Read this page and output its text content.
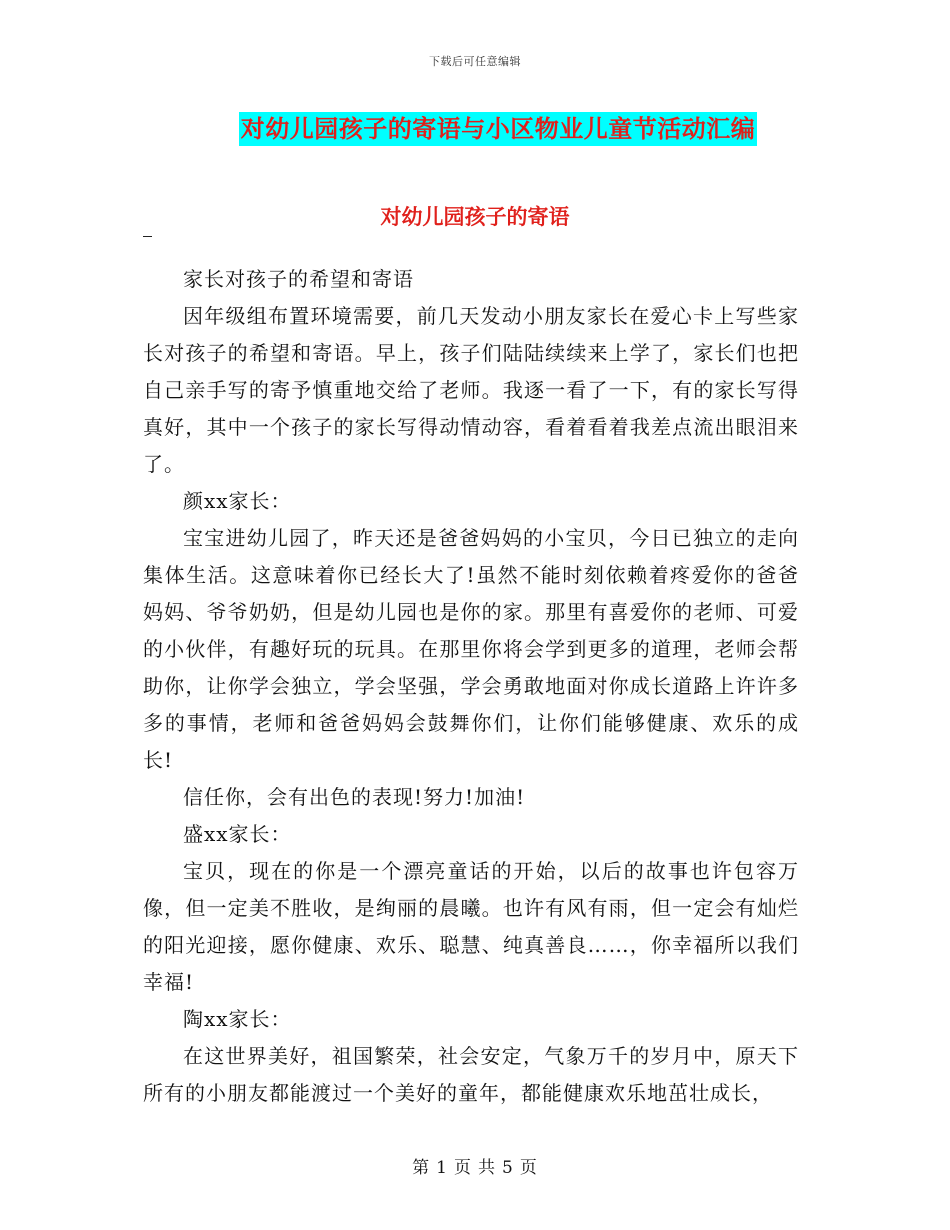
下载后可任意编辑
对幼儿园孩子的寄语与小区物业儿童节活动汇编
对幼儿园孩子的寄语

家长对孩子的希望和寄语

因年级组布置环境需要，前几天发动小朋友家长在爱心卡上写些家长对孩子的希望和寄语。早上，孩子们陆陆续续来上学了，家长们也把自己亲手写的寄予慎重地交给了老师。我逐一看了一下，有的家长写得真好，其中一个孩子的家长写得动情动容，看着看着我差点流出眼泪来了。

颜xx家长：

宝宝进幼儿园了，昨天还是爸爸妈妈的小宝贝，今日已独立的走向集体生活。这意味着你已经长大了!虽然不能时刻依赖着疼爱你的爸爸妈妈、爷爷奶奶，但是幼儿园也是你的家。那里有喜爱你的老师、可爱的小伙伴，有趣好玩的玩具。在那里你将会学到更多的道理，老师会帮助你，让你学会独立，学会坚强，学会勇敢地面对你成长道路上许许多多的事情，老师和爸爸妈妈会鼓舞你们，让你们能够健康、欢乐的成长!

信任你，会有出色的表现!努力!加油!

盛xx家长：

宝贝，现在的你是一个漂亮童话的开始，以后的故事也许包容万像，但一定美不胜收，是绚丽的晨曦。也许有风有雨，但一定会有灿烂的阳光迎接，愿你健康、欢乐、聪慧、纯真善良……，你幸福所以我们幸福!

陶xx家长：

在这世界美好，祖国繁荣，社会安定，气象万千的岁月中，原天下所有的小朋友都能渡过一个美好的童年，都能健康欢乐地茁壮成长，

第 1 页 共 5 页
